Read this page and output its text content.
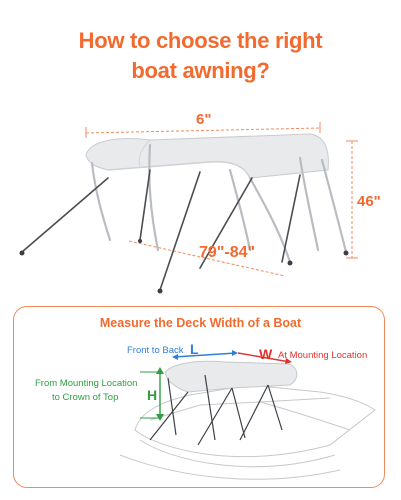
How to choose the right
boat awning?
6"
46"
79"-84"
Measure the Deck Width of a Boat
Front to Back L	W At Mounting Location
H
From Mounting Location
to Crown of Top
